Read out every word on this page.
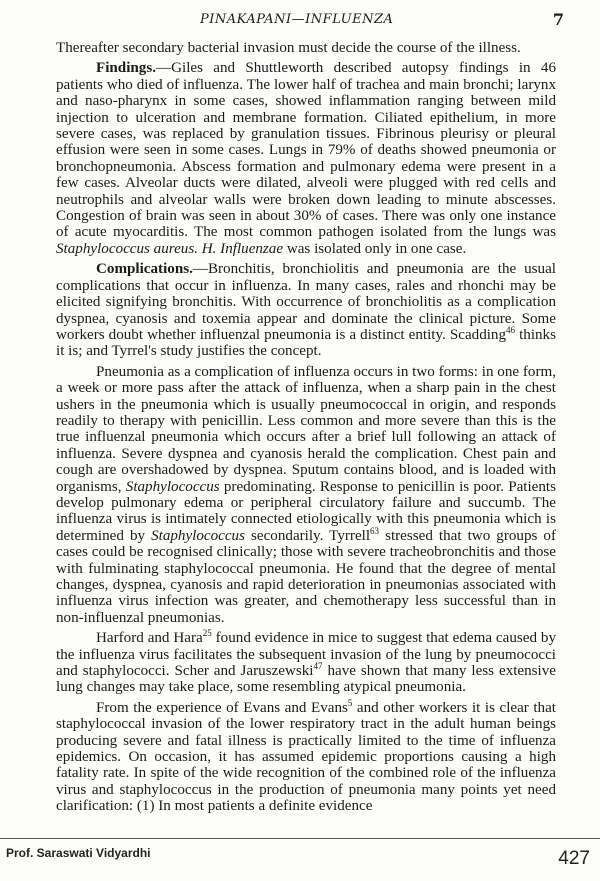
PINAKAPANI—INFLUENZA	7

Thereafter secondary bacterial invasion must decide the course of the illness.

Findings.—Giles and Shuttleworth described autopsy findings in 46 patients who died of influenza. The lower half of trachea and main bronchi; larynx and naso-pharynx in some cases, showed inflammation ranging between mild injection to ulceration and membrane formation. Ciliated epithelium, in more severe cases, was replaced by granulation tissues. Fibrinous pleurisy or pleural effusion were seen in some cases. Lungs in 79% of deaths showed pneumonia or bronchopneumonia. Abscess formation and pulmonary edema were present in a few cases. Alveolar ducts were dilated, alveoli were plugged with red cells and neutrophils and alveolar walls were broken down leading to minute abscesses. Congestion of brain was seen in about 30% of cases. There was only one instance of acute myocarditis. The most common pathogen isolated from the lungs was Staphylococcus aureus. H. Influenzae was isolated only in one case.

Complications.—Bronchitis, bronchiolitis and pneumonia are the usual complications that occur in influenza. In many cases, rales and rhonchi may be elicited signifying bronchitis. With occurrence of bronchiolitis as a complication dyspnea, cyanosis and toxemia appear and dominate the clinical picture. Some workers doubt whether influenzal pneumonia is a distinct entity. Scadding$^{46}$ thinks it is; and Tyrrel's study justifies the concept.

Pneumonia as a complication of influenza occurs in two forms: in one form, a week or more pass after the attack of influenza, when a sharp pain in the chest ushers in the pneumonia which is usually pneumococcal in origin, and responds readily to therapy with penicillin. Less common and more severe than this is the true influenzal pneumonia which occurs after a brief lull following an attack of influenza. Severe dyspnea and cyanosis herald the complication. Chest pain and cough are overshadowed by dyspnea. Sputum contains blood, and is loaded with organisms, Staphylococcus predominating. Response to penicillin is poor. Patients develop pulmonary edema or peripheral circulatory failure and succumb. The influenza virus is intimately connected etiologically with this pneumonia which is determined by Staphylococcus secondarily. Tyrrell$^{63}$ stressed that two groups of cases could be recognised clinically; those with severe tracheobronchitis and those with fulminating staphylococcal pneumonia. He found that the degree of mental changes, dyspnea, cyanosis and rapid deterioration in pneumonias associated with influenza virus infection was greater, and chemotherapy less successful than in non-influenzal pneumonias.

Harford and Hara$^{25}$ found evidence in mice to suggest that edema caused by the influenza virus facilitates the subsequent invasion of the lung by pneumococci and staphylococci. Scher and Jaruszewski$^{47}$ have shown that many less extensive lung changes may take place, some resembling atypical pneumonia.

From the experience of Evans and Evans$^5$ and other workers it is clear that staphylococcal invasion of the lower respiratory tract in the adult human beings producing severe and fatal illness is practically limited to the time of influenza epidemics. On occasion, it has assumed epidemic proportions causing a high fatality rate. In spite of the wide recognition of the combined role of the influenza virus and staphylococcus in the production of pneumonia many points yet need clarification: (1) In most patients a definite evidence

Prof. Saraswati Vidyardhi	427
